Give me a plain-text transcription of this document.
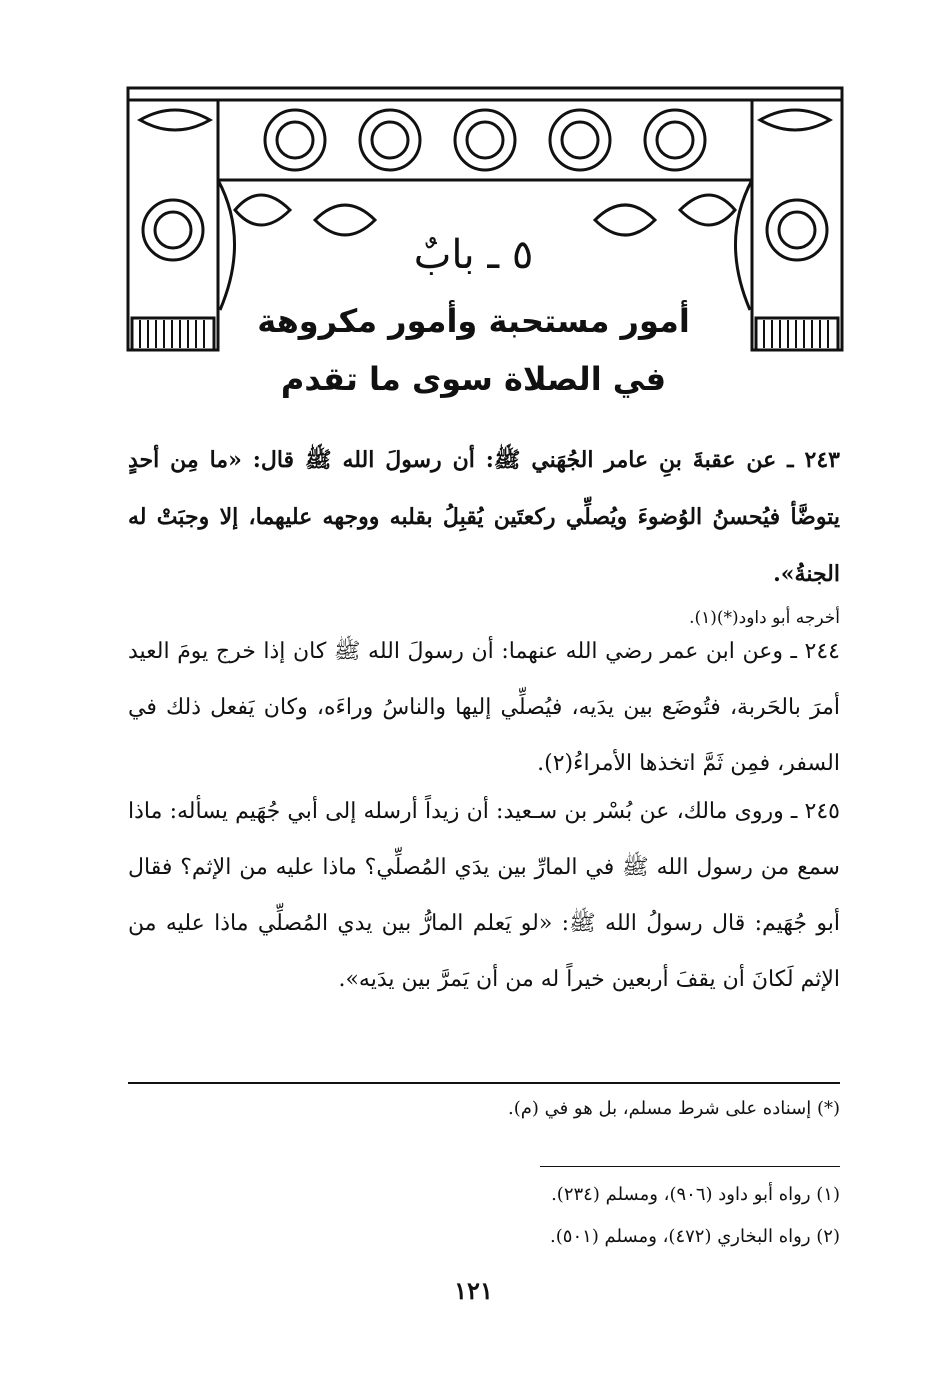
٥ ـ بابٌ
أمور مستحبة وأمور مكروهة
في الصلاة سوى ما تقدم
٢٤٣ ـ عن عقبةَ بنِ عامر الجُهَني ﷺ: أن رسولَ الله ﷺ قال: «ما مِن أحدٍ يتوضَّأ فيُحسنُ الوُضوءَ ويُصلِّي ركعتَين يُقبِلُ بقلبه ووجهه عليهما، إلا وجبَتْ له الجنةُ».
أخرجه أبو داود(*)(١).
٢٤٤ ـ وعن ابن عمر رضي الله عنهما: أن رسولَ الله ﷺ كان إذا خرج يومَ العيد أمرَ بالحَربة، فتُوضَع بين يدَيه، فيُصلِّي إليها والناسُ وراءَه، وكان يَفعل ذلك في السفر، فمِن ثَمَّ اتخذها الأمراءُ(٢).
٢٤٥ ـ وروى مالك، عن بُسْر بن سـعيد: أن زيداً أرسله إلى أبي جُهَيم يسأله: ماذا سمع من رسول الله ﷺ في المارِّ بين يدَي المُصلِّي؟ ماذا عليه من الإثم؟ فقال أبو جُهَيم: قال رسولُ الله ﷺ: «لو يَعلم المارُّ بين يدي المُصلِّي ماذا عليه من الإثم لَكانَ أن يقفَ أربعين خيراً له من أن يَمرَّ بين يدَيه».
(*) إسناده على شرط مسلم، بل هو في (م).
(١) رواه أبو داود (٩٠٦)، ومسلم (٢٣٤).
(٢) رواه البخاري (٤٧٢)، ومسلم (٥٠١).
١٢١
